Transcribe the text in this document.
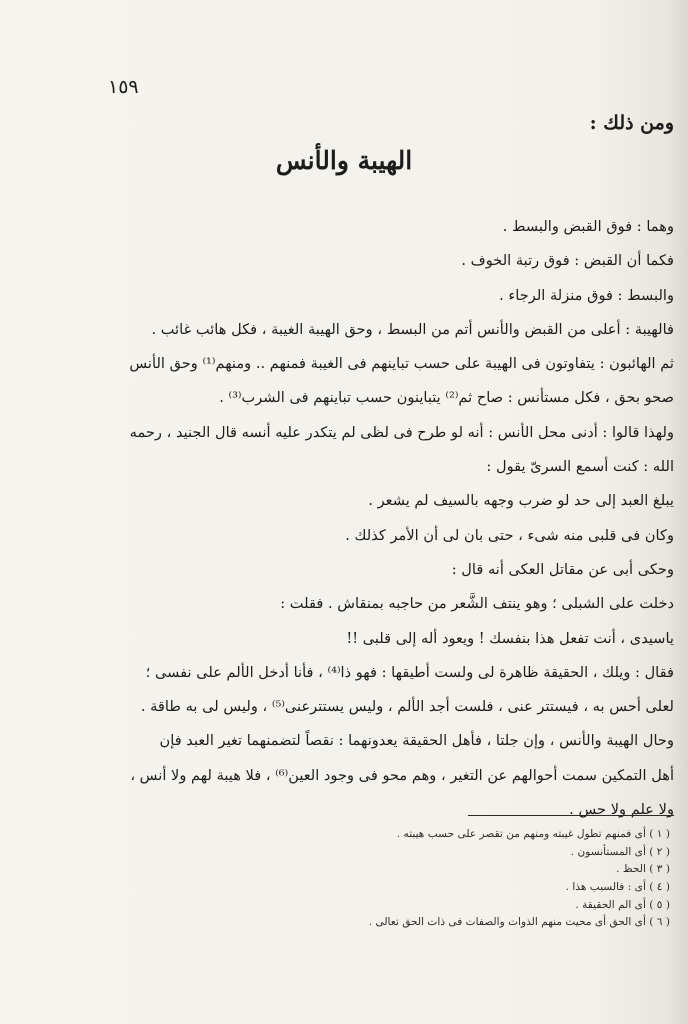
١٥٩
ومن ذلك :
الهيبة والأنس
وهما : فوق القبض والبسط .
فكما أن القبض : فوق رتبة الخوف .
والبسط : فوق منزلة الرجاء .
فالهيبة : أعلى من القبض والأنس أتم من البسط ، وحق الهيبة الغيبة ، فكل هائب غائب .
ثم الهائبون : يتفاوتون فى الهيبة على حسب تباينهم فى الغيبة فمنهم .. ومنهم⁽¹⁾ وحق الأنس
صحو بحق ، فكل مستأنس : صاح ثم⁽²⁾ يتباينون حسب تباينهم فى الشرب⁽³⁾ .
ولهذا قالوا : أدنى محل الأنس : أنه لو طرح فى لظى لم يتكدر عليه أنسه قال الجنيد ، رحمه
الله : كنت أسمع السرىّ يقول :
يبلغ العبد إلى حد لو ضرب وجهه بالسيف لم يشعر .
وكان فى قلبى منه شىء ، حتى بان لى أن الأمر كذلك .
وحكى أبى عن مقاتل العكى أنه قال :
دخلت على الشبلى ؛ وهو ينتف الشَّعر من حاجبه بمنقاش . فقلت :
ياسيدى ، أنت تفعل هذا بنفسك ! ويعود أله إلى قلبى !!
فقال : ويلك ، الحقيقة ظاهرة لى ولست أطيقها : فهو ذا⁽⁴⁾ ، فأنا أدخل الألم على نفسى ؛
لعلى أحس به ، فيستتر عنى ، فلست أجد الألم ، وليس يستترعنى⁽⁵⁾ ، وليس لى به طاقة .
وحال الهيبة والأنس ، وإن جلتا ، فأهل الحقيقة يعدونهما : نقصاً لتضمنهما تغير العبد فإن
أهل التمكين سمت أحوالهم عن التغير ، وهم محو فى وجود العين⁽⁶⁾ ، فلا هيبة لهم ولا أنس ،
ولا علم ولا حس .
( ١ ) أى فمنهم تطول غيبته ومنهم من تقصر على حسب هيبته .
( ٢ ) أى المستأنسون .
( ٣ ) الحظ .
( ٤ ) أى : فالسبب هذا .
( ٥ ) أى الم الحقيقة .
( ٦ ) أى الحق أى محيت منهم الذوات والصفات فى ذات الحق تعالى .
